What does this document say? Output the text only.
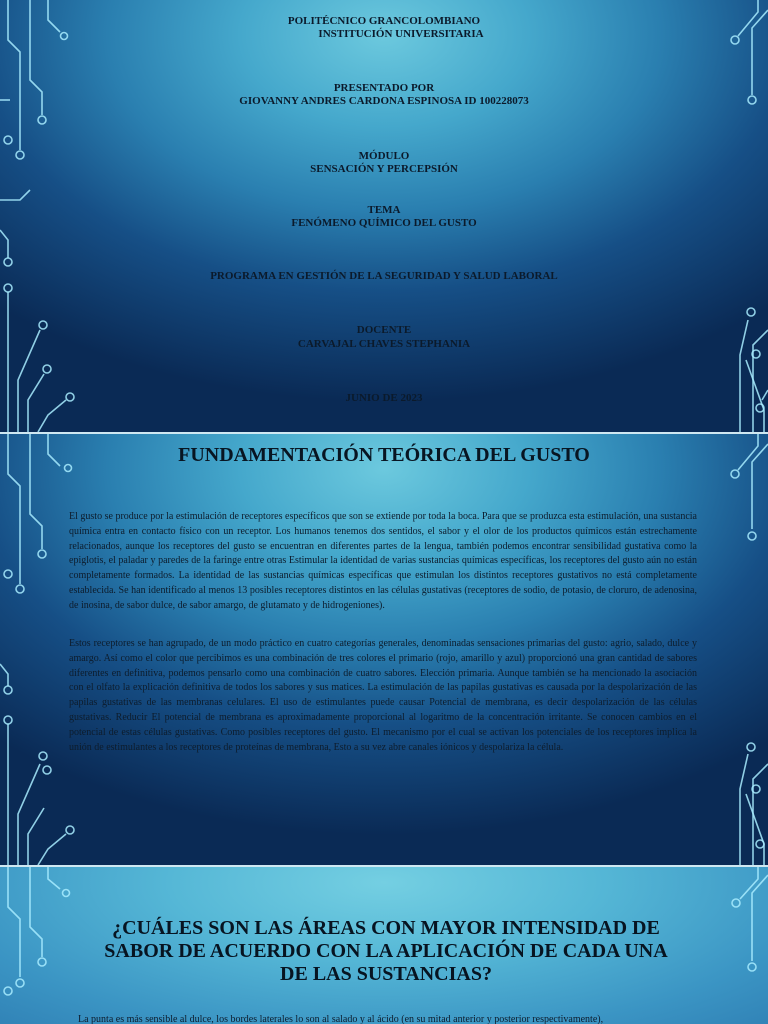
POLITÉCNICO GRANCOLOMBIANO
INSTITUCIÓN UNIVERSITARIA
PRESENTADO POR
GIOVANNY ANDRES CARDONA ESPINOSA ID 100228073
MÓDULO
SENSACIÓN Y PERCEPSIÓN
TEMA
FENÓMENO QUÍMICO DEL GUSTO
PROGRAMA EN GESTIÓN DE LA SEGURIDAD Y SALUD LABORAL
DOCENTE
CARVAJAL CHAVES STEPHANIA
JUNIO DE 2023
FUNDAMENTACIÓN TEÓRICA DEL GUSTO

El gusto se produce por la estimulación de receptores específicos que son se extiende por toda la boca. Para que se produzca esta estimulación, una sustancia química entra en contacto físico con un receptor. Los humanos tenemos dos sentidos, el sabor y el olor de los productos químicos están estrechamente relacionados, aunque los receptores del gusto se encuentran en diferentes partes de la lengua, también podemos encontrar sensibilidad gustativa como la epiglotis, el paladar y paredes de la faringe entre otras Estimular la identidad de varias sustancias químicas específicas, los receptores del gusto aún no están completamente formados. La identidad de las sustancias químicas específicas que estimulan los distintos receptores gustativos no está completamente establecida. Se han identificado al menos 13 posibles receptores distintos en las células gustativas (receptores de sodio, de potasio, de cloruro, de adenosina, de inosina, de sabor dulce, de sabor amargo, de glutamato y de hidrogeniones).

Estos receptores se han agrupado, de un modo práctico en cuatro categorías generales, denominadas sensaciones primarias del gusto: agrio, salado, dulce y amargo. Así como el color que percibimos es una combinación de tres colores el primario (rojo, amarillo y azul) proporcionó una gran cantidad de sabores diferentes en definitiva, podemos pensarlo como una combinación de cuatro sabores. Elección primaria. Aunque también se ha mencionado la asociación con el olfato la explicación definitiva de todos los sabores y sus matices. La estimulación de las papilas gustativas es causada por la despolarización de las papilas gustativas de las membranas celulares. El uso de estimulantes puede causar Potencial de membrana, es decir despolarización de las células gustativas. Reducir El potencial de membrana es aproximadamente proporcional al logaritmo de la concentración irritante. Se conocen cambios en el potencial de estas células gustativas. Como posibles receptores del gusto. El mecanismo por el cual se activan los potenciales de los receptores implica la unión de estimulantes a los receptores de proteínas de membrana, Esto a su vez abre canales iónicos y despolariza la célula.

¿CUÁLES SON LAS ÁREAS CON MAYOR INTENSIDAD DE SABOR DE ACUERDO CON LA APLICACIÓN DE CADA UNA DE LAS SUSTANCIAS?
La punta es más sensible al dulce, los bordes laterales lo son al salado y al ácido (en su mitad anterior y posterior respectivamente),
